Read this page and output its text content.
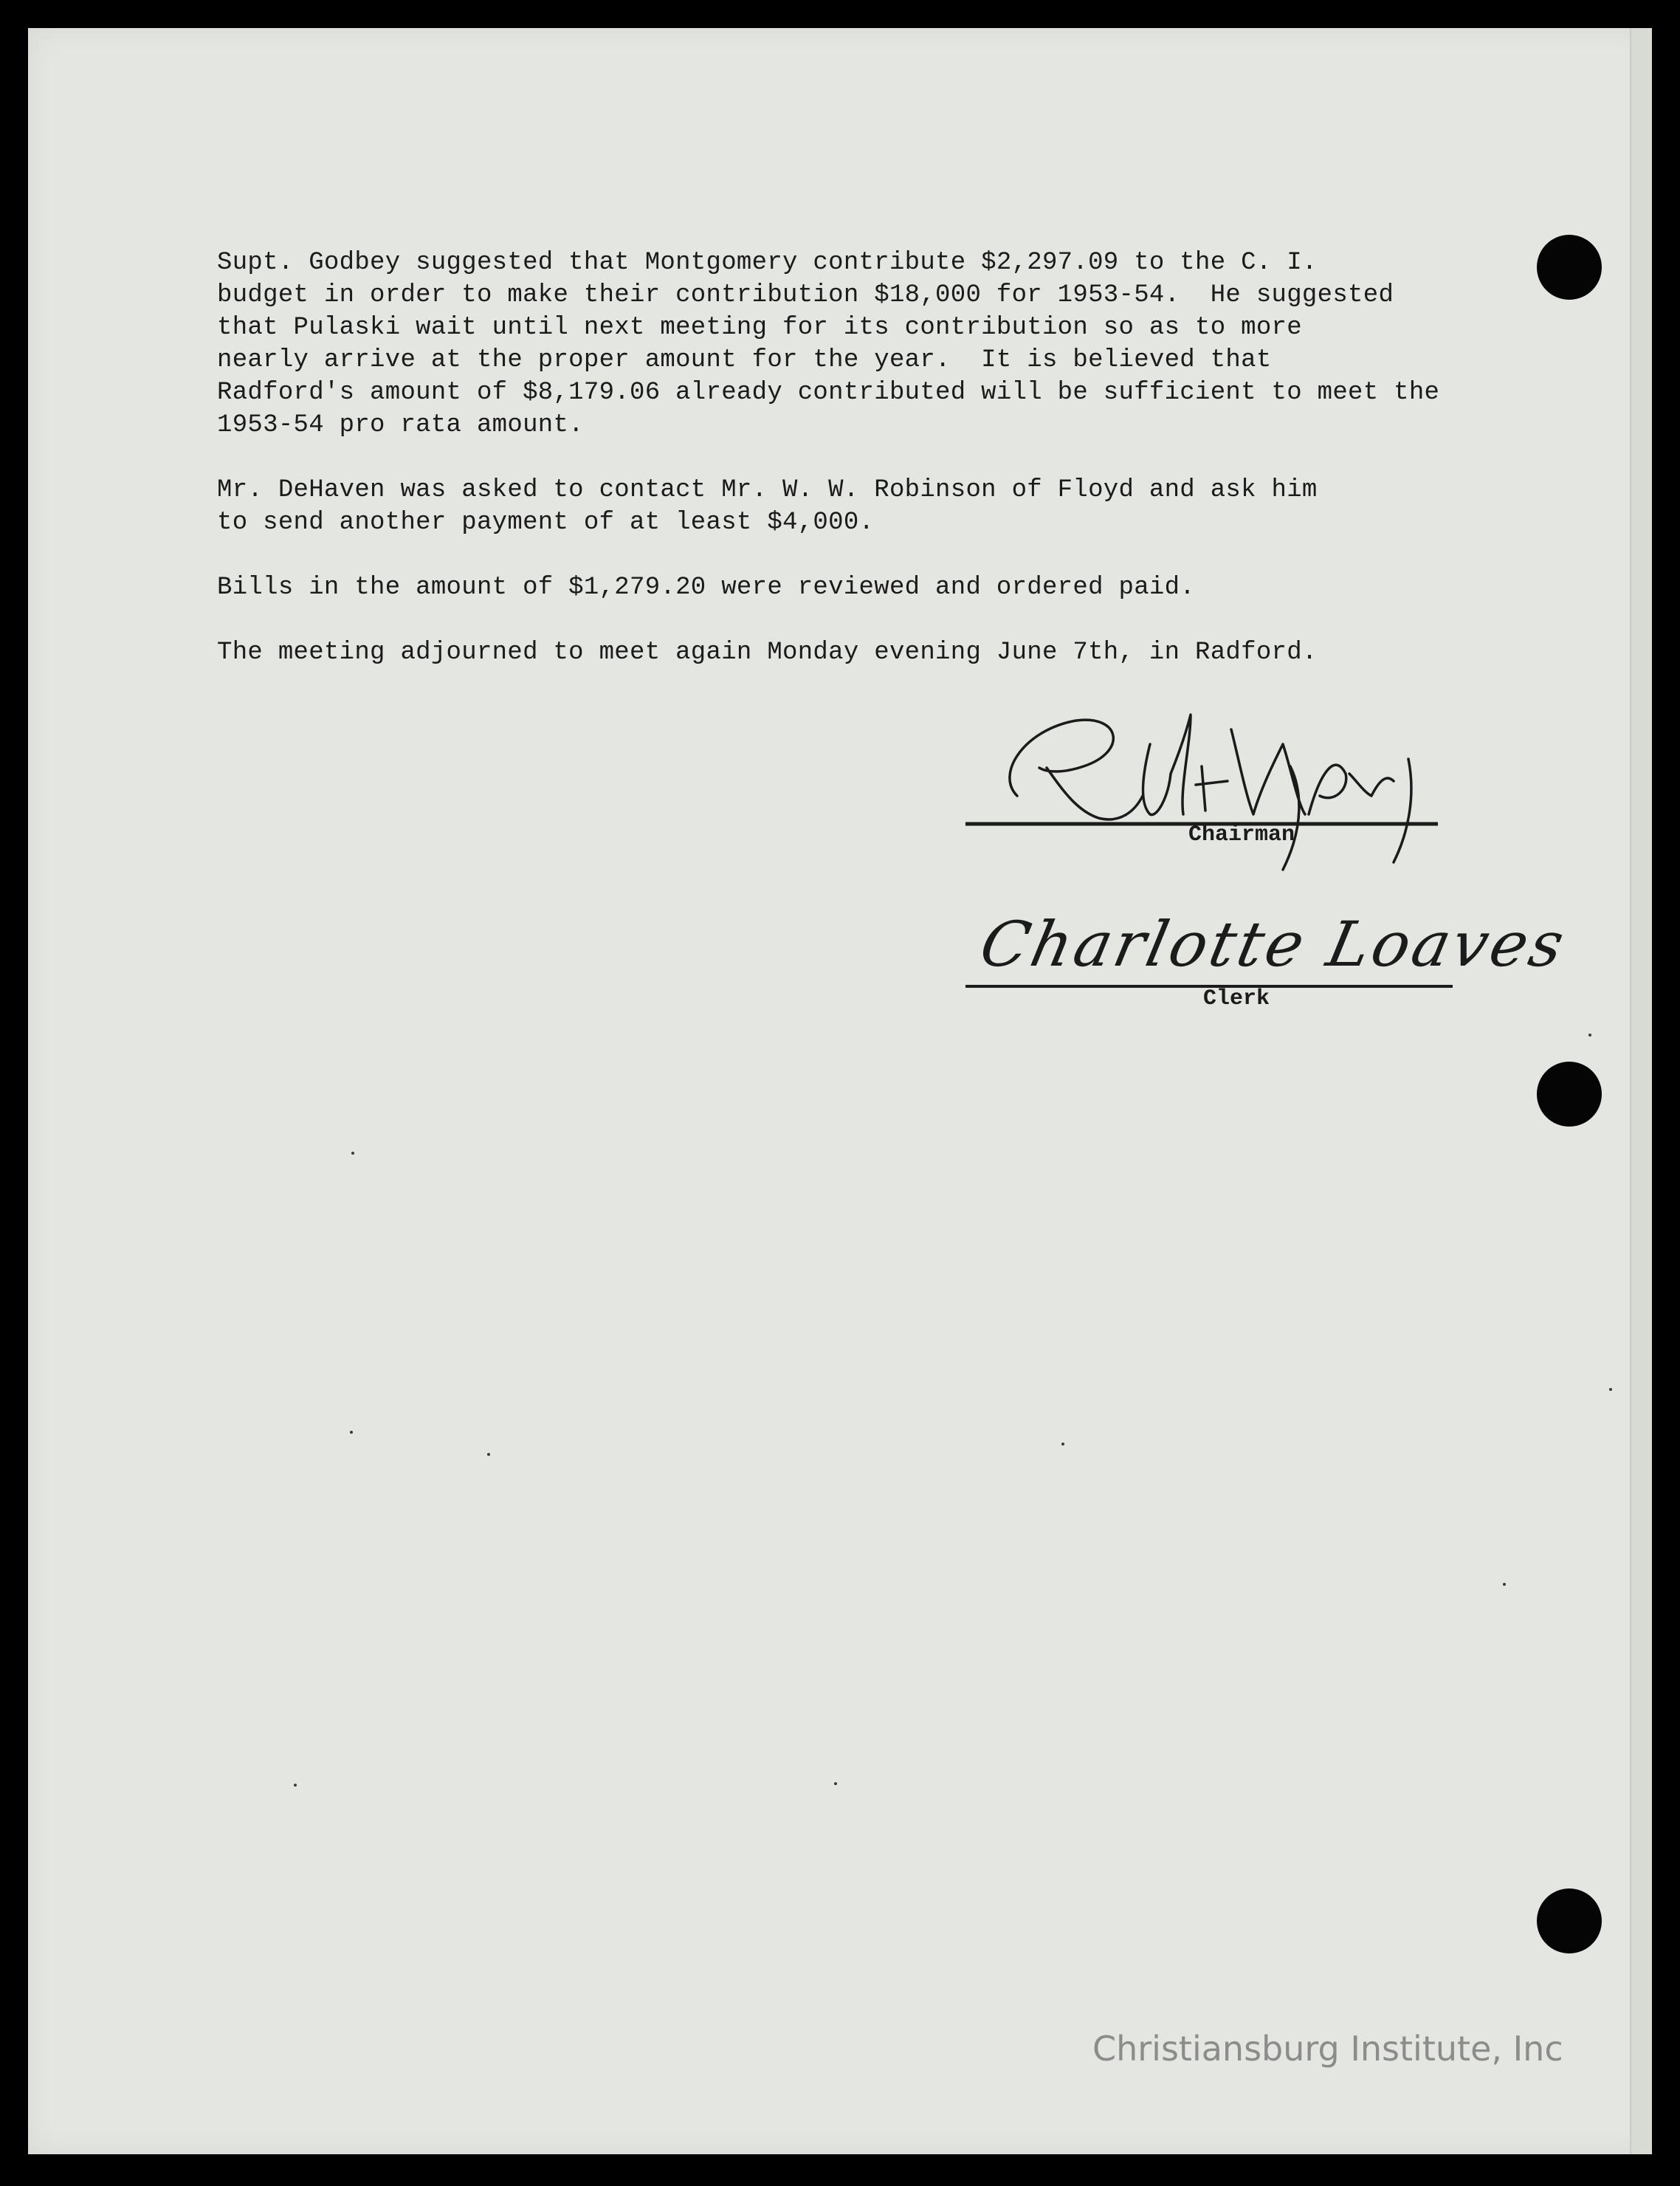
Supt. Godbey suggested that Montgomery contribute $2,297.09 to the C. I.
budget in order to make their contribution $18,000 for 1953-54.  He suggested
that Pulaski wait until next meeting for its contribution so as to more
nearly arrive at the proper amount for the year.  It is believed that
Radford's amount of $8,179.06 already contributed will be sufficient to meet the
1953-54 pro rata amount.
Mr. DeHaven was asked to contact Mr. W. W. Robinson of Floyd and ask him
to send another payment of at least $4,000.
Bills in the amount of $1,279.20 were reviewed and ordered paid.
The meeting adjourned to meet again Monday evening June 7th, in Radford.
Chairman
Charlotte Loaves
Clerk
Christiansburg Institute, Inc
